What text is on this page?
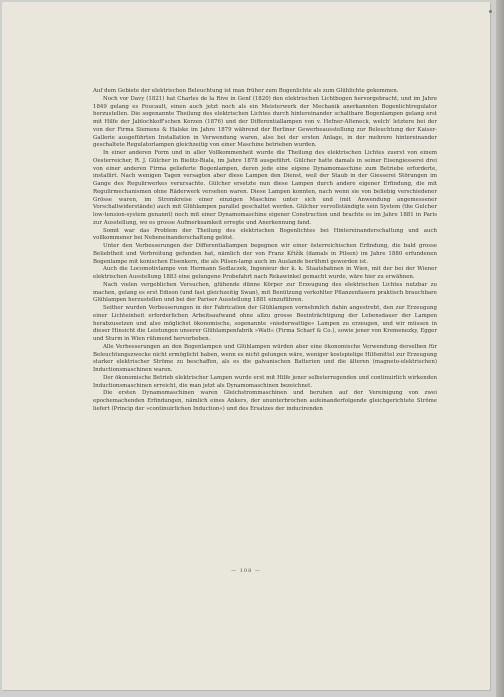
Auf dem Gebiete der elektrischen Beleuchtung ist man früher zum Bogenlichte als zum Glühlichte gekommen.

Noch vor Davy (1821) hat Charles de la Rive in Genf (1820) den elektrischen Lichtbogen hervorgebracht, und im Jahre 1849 gelang es Foucault, einen auch jetzt noch als ein Meisterwerk der Mechanik anerkannten Bogenlichtregulator herzustellen. Die sogenannte Theilung des elektrischen Lichtes durch hintereinander schaltbare Bogenlampen gelang erst mit Hilfe der Jablochkoff'schen Kerzen (1876) und der Differentiallampen von v. Hefner-Alteneck, welch' letztere bei der von der Firma Siemens & Halske im Jahre 1879 während der Berliner Gewerbeausstellung zur Beleuchtung der Kaiser-Gallerie ausgeführten Installation in Verwendung waren, also bei der ersten Anlage, in der mehrere hintereinander geschaltete Regulatorlampen gleichzeitig von einer Maschine betrieben wurden.

In einer anderen Form und in aller Vollkommenheit wurde die Theilung des elektrischen Lichtes zuerst von einem Oesterreicher, R. J. Gülcher in Bielitz-Biala, im Jahre 1878 ausgeführt. Gülcher hatte damals in seiner Eisengiesserei drei von einer anderen Firma gelieferte Bogenlampen, deren jede eine eigene Dynamomaschine zum Betriebe erforderte, installirt. Nach wenigen Tagen versagten aber diese Lampen den Dienst, weil der Staub in der Giesserei Störungen im Gange des Regulirwerkes verursachte. Gülcher ersetzte nun diese Lampen durch andere eigener Erfindung, die mit Regulirmechanismen ohne Räderwerk versehen waren. Diese Lampen konnten, nach wenn sie von beliebig verschiedener Grösse waren, im Stromkreise einer einzigen Maschine unter sich und (mit Anwendung angemessener Vorschaltwiderstände) auch mit Glühlampen parallel geschaltet werden. Gülcher vervollständigte sein System (the Gulcher low-tension-system genannt) noch mit einer Dynamomaschine eigener Construction und brachte es im Jahre 1881 in Paris zur Ausstellung, wo es grosse Aufmerksamkeit erregte und Anerkennung fand.

Somit war das Problem der Theilung des elektrischen Bogenlichtes bei Hintereinanderschaltung und auch vollkommener bei Nebeneinanderschaltung gelöst.

Unter den Verbesserungen der Differentiallampen begegnen wir einer österreichischen Erfindung, die bald grosse Beliebtheit und Verbreitung gefunden hat, nämlich der von Franz Křižík (damals in Pilsen) im Jahre 1880 erfundenen Bogenlampe mit konischen Eisenkern, die als Pilsen-lamp auch im Auslande berühmt geworden ist.

Auch die Locomotivlampe von Hermann Sedlaczek, Ingenieur der k. k. Staatsbahnen in Wien, mit der bei der Wiener elektrischen Ausstellung 1883 eine gelungene Probefahrt nach Rekawinkel gemacht wurde, wäre hier zu erwähnen.

Nach vielen vergeblichen Versuchen, glühende dünne Körper zur Erzeugung des elektrischen Lichtes nutzbar zu machen, gelang es erst Edison (und fast gleichzeitig Swan), mit Benützung verkohlter Pflanzenfasern praktisch brauchbare Glühlampen herzustellen und bei der Pariser Ausstellung 1881 einzuführen.

Seither wurden Verbesserungen in der Fabrication der Glühlampen vornehmlich dahin angestrebt, den zur Erzeugung einer Lichteinheit erforderlichen Arbeitsaufwand ohne allzu grosse Beeinträchtigung der Lebensdauer der Lampen herabzusetzen und also möglichst ökonomische, sogenannte »niederwattige« Lampen zu erzeugen, und wir müssen in dieser Hinsicht die Leistungen unserer Glühlampenfabrik »Watt« (Firma Scharf & Co.), sowie jener von Kremenezky, Egger und Sturm in Wien rühmend hervorheben.

Alle Verbesserungen an den Bogenlampen und Glühlampen würden aber eine ökonomische Verwendung derselben für Beleuchtungszwecke nicht ermöglicht haben, wenn es nicht gelungen wäre, weniger kostspielige Hilfsmittel zur Erzeugung starker elektrischer Ströme zu beschaffen, als es die galvanischen Batterien und die älteren (magneto-elektrischen) Inductionsmaschinen waren.

Der ökonomische Betrieb elektrischer Lampen wurde erst mit Hilfe jener selbsterregenden und continuirlich wirkenden Inductionsmaschinen erreicht, die man jetzt als Dynamomaschinen bezeichnet.

Die ersten Dynamomaschinen waren Gleichstrommaschinen und beruhen auf der Vereinigung von zwei epochemachenden Erfindungen, nämlich eines Ankers, der ununterbrochen aufeinanderfolgende gleichgerichtete Ströme liefert (Princip der »continuirlichen Induction«) und des Ersatzes der inducirenden

— 108 —
